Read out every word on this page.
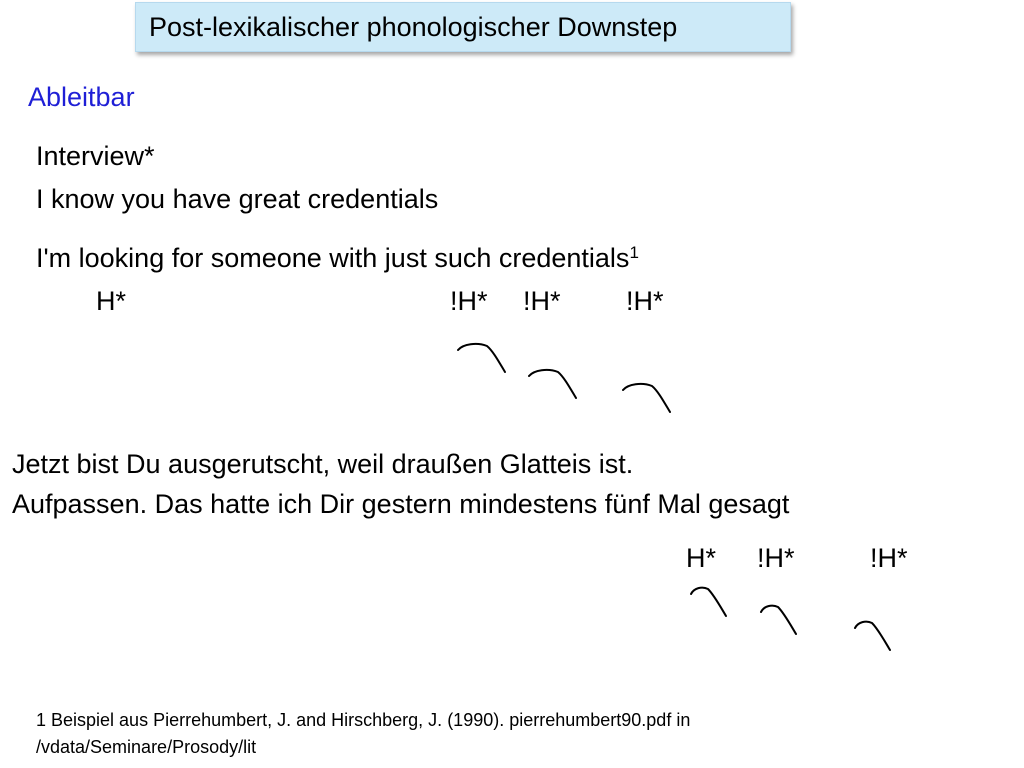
Post-lexikalischer phonologischer Downstep
Ableitbar
Interview*
I know you have great credentials
I'm looking for someone with just such credentials$^1$
H*	!H* !H* !H*
Jetzt bist Du ausgerutscht, weil draußen Glatteis ist.
Aufpassen. Das hatte ich Dir gestern mindestens fünf Mal gesagt
H* !H*	!H*
1 Beispiel aus Pierrehumbert, J. and Hirschberg, J. (1990). pierrehumbert90.pdf in
/vdata/Seminare/Prosody/lit
